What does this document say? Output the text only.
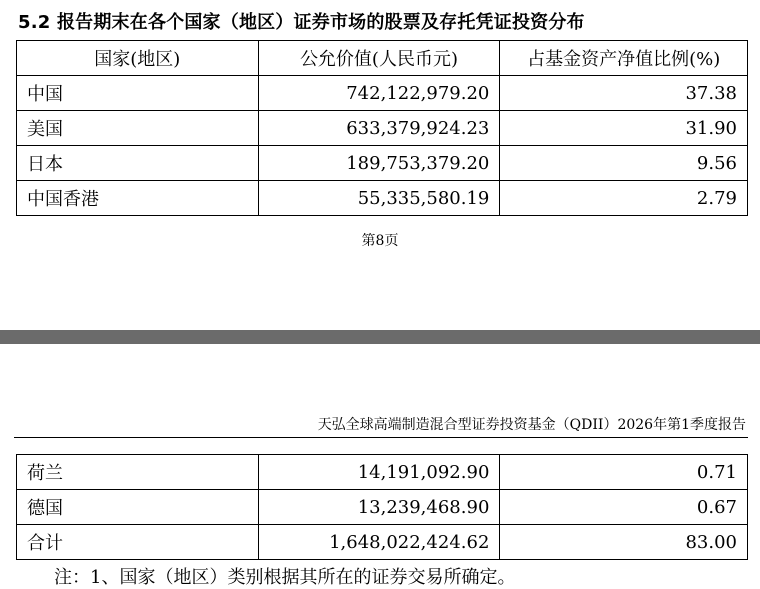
5.2 报告期末在各个国家（地区）证券市场的股票及存托凭证投资分布
国家(地区)	公允价值(人民币元)	占基金资产净值比例(%)
中国	742,122,979.20	37.38
美国	633,379,924.23	31.90
日本	189,753,379.20	9.56
中国香港	55,335,580.19	2.79
第8页
天弘全球高端制造混合型证券投资基金（QDII）2026年第1季度报告
荷兰	14,191,092.90	0.71
德国	13,239,468.90	0.67
合计	1,648,022,424.62	83.00
注：1、国家（地区）类别根据其所在的证券交易所确定。
